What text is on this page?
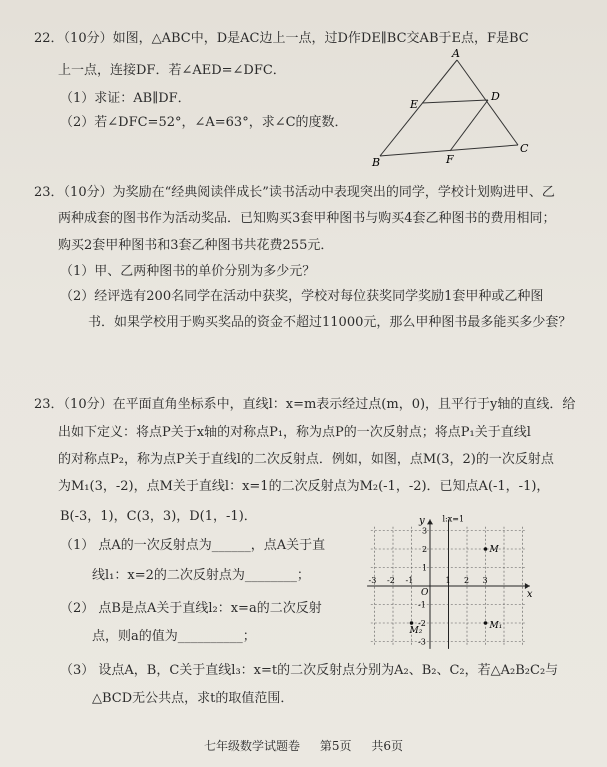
22．（10分）如图，△ABC中，D是AC边上一点，过D作DE∥BC交AB于E点，F是BC
上一点，连接DF．若∠AED=∠DFC．
（1）求证：AB∥DF．
（2）若∠DFC=52°，∠A=63°，求∠C的度数．
A
E
D
B	F
C
23．（10分）为奖励在“经典阅读伴成长”读书活动中表现突出的同学，学校计划购进甲、乙
两种成套的图书作为活动奖品．已知购买3套甲种图书与购买4套乙种图书的费用相同；
购买2套甲种图书和3套乙种图书共花费255元．
（1）甲、乙两种图书的单价分别为多少元？
（2）经评选有200名同学在活动中获奖，学校对每位获奖同学奖励1套甲种或乙种图
书．如果学校用于购买奖品的资金不超过11000元，那么甲种图书最多能买多少套？
23．（10分）在平面直角坐标系中，直线l：x=m表示经过点(m，0)，且平行于y轴的直线．给
出如下定义：将点P关于x轴的对称点P₁，称为点P的一次反射点；将点P₁关于直线l
的对称点P₂，称为点P关于直线l的二次反射点．例如，如图，点M(3，2)的一次反射点
为M₁(3，-2)，点M关于直线l：x=1的二次反射点为M₂(-1，-2)．已知点A(-1，-1)，
B(-3，1)，C(3，3)，D(1，-1)．
（1） 点A的一次反射点为______，点A关于直
线l₁：x=2的二次反射点为________；
（2） 点B是点A关于直线l₂：x=a的二次反射
点，则a的值为__________；
（3） 设点A，B，C关于直线l₃：x=t的二次反射点分别为A₂、B₂、C₂，若△A₂B₂C₂与
△BCD无公共点，求t的取值范围．
y
x
l:x=1
O
-3 -2 -1	1 2 3
3
2
1
-1
-2
-3
M
M₁
M₂
七年级数学试题卷 第5页 共6页
